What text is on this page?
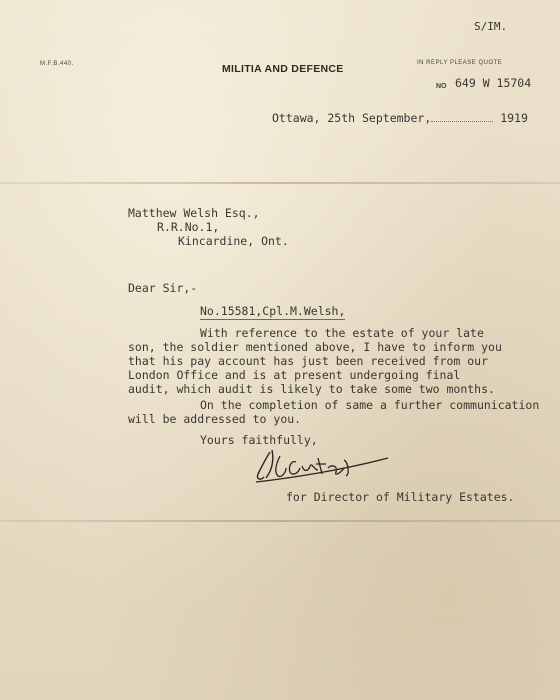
S/IM.
M.F.B.440.	MILITIA AND DEFENCE	IN REPLY PLEASE QUOTE
NO 649 W 15704
Ottawa, 25th September,	1919
Matthew Welsh Esq.,
R.R.No.1,
Kincardine, Ont.
Dear Sir,-
No.15581,Cpl.M.Welsh,
With reference to the estate of your late
son, the soldier mentioned above, I have to inform you
that his pay account has just been received from our
London Office and is at present undergoing final
audit, which audit is likely to take some two months.
On the completion of same a further communication
will be addressed to you.
Yours faithfully,
for Director of Military Estates.
